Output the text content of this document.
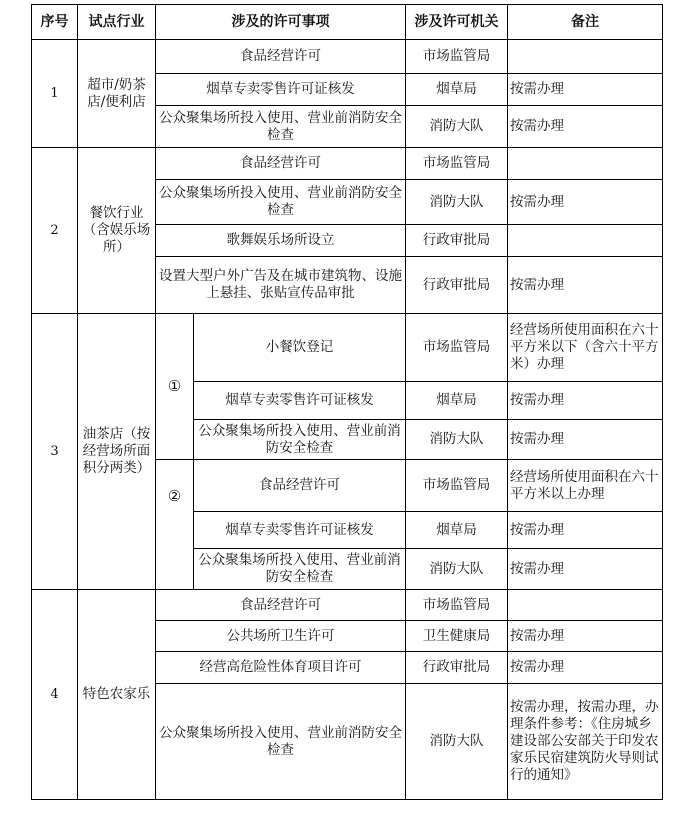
序号	试点行业	涉及的许可事项		涉及许可机关	备注
1	超市/奶茶店/便利店	食品经营许可		市场监管局	
		烟草专卖零售许可证核发		烟草局	按需办理
		公众聚集场所投入使用、营业前消防安全检查		消防大队	按需办理
2	餐饮行业（含娱乐场所）	食品经营许可		市场监管局	
		公众聚集场所投入使用、营业前消防安全检查		消防大队	按需办理
		歌舞娱乐场所设立		行政审批局	
		设置大型户外广告及在城市建筑物、设施上悬挂、张贴宣传品审批		行政审批局	按需办理
3	油茶店（按经营场所面积分两类）	①	小餐饮登记	市场监管局	经营场所使用面积在六十平方米以下（含六十平方米）办理
			烟草专卖零售许可证核发	烟草局	按需办理
			公众聚集场所投入使用、营业前消防安全检查	消防大队	按需办理
		②	食品经营许可	市场监管局	经营场所使用面积在六十平方米以上办理
			烟草专卖零售许可证核发	烟草局	按需办理
			公众聚集场所投入使用、营业前消防安全检查	消防大队	按需办理
4	特色农家乐	食品经营许可		市场监管局	
		公共场所卫生许可		卫生健康局	按需办理
		经营高危险性体育项目许可		行政审批局	按需办理
		公众聚集场所投入使用、营业前消防安全检查		消防大队	按需办理，按需办理，办理条件参考：《住房城乡建设部公安部关于印发农家乐民宿建筑防火导则试行的通知》
